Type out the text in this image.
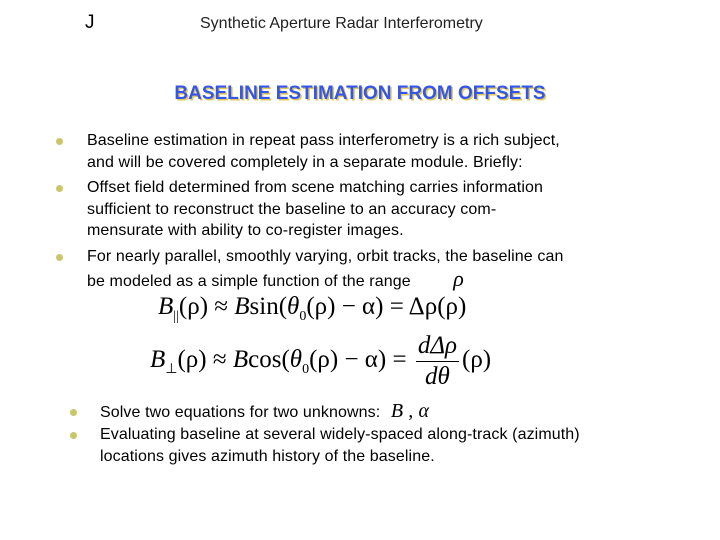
J	Synthetic Aperture Radar Interferometry
BASELINE ESTIMATION FROM OFFSETS
Baseline estimation in repeat pass interferometry is a rich subject,
and will be covered completely in a separate module. Briefly:
Offset field determined from scene matching carries information
sufficient to reconstruct the baseline to an accuracy com-
mensurate with ability to co-register images.
For nearly parallel, smoothly varying, orbit tracks, the baseline can
be modeled as a simple function of the range ρ
$B_{||}(\rho) \approx Bsin(\theta_0(\rho) - \alpha) = \Delta\rho(\rho)$
$B_\perp(\rho) \approx Bcos(\theta_0(\rho) - \alpha) = \frac{\text{dΔρ}}{d\theta} (\rho)$
Solve two equations for two unknowns: B , α
Evaluating baseline at several widely-spaced along-track (azimuth)
locations gives azimuth history of the baseline.
